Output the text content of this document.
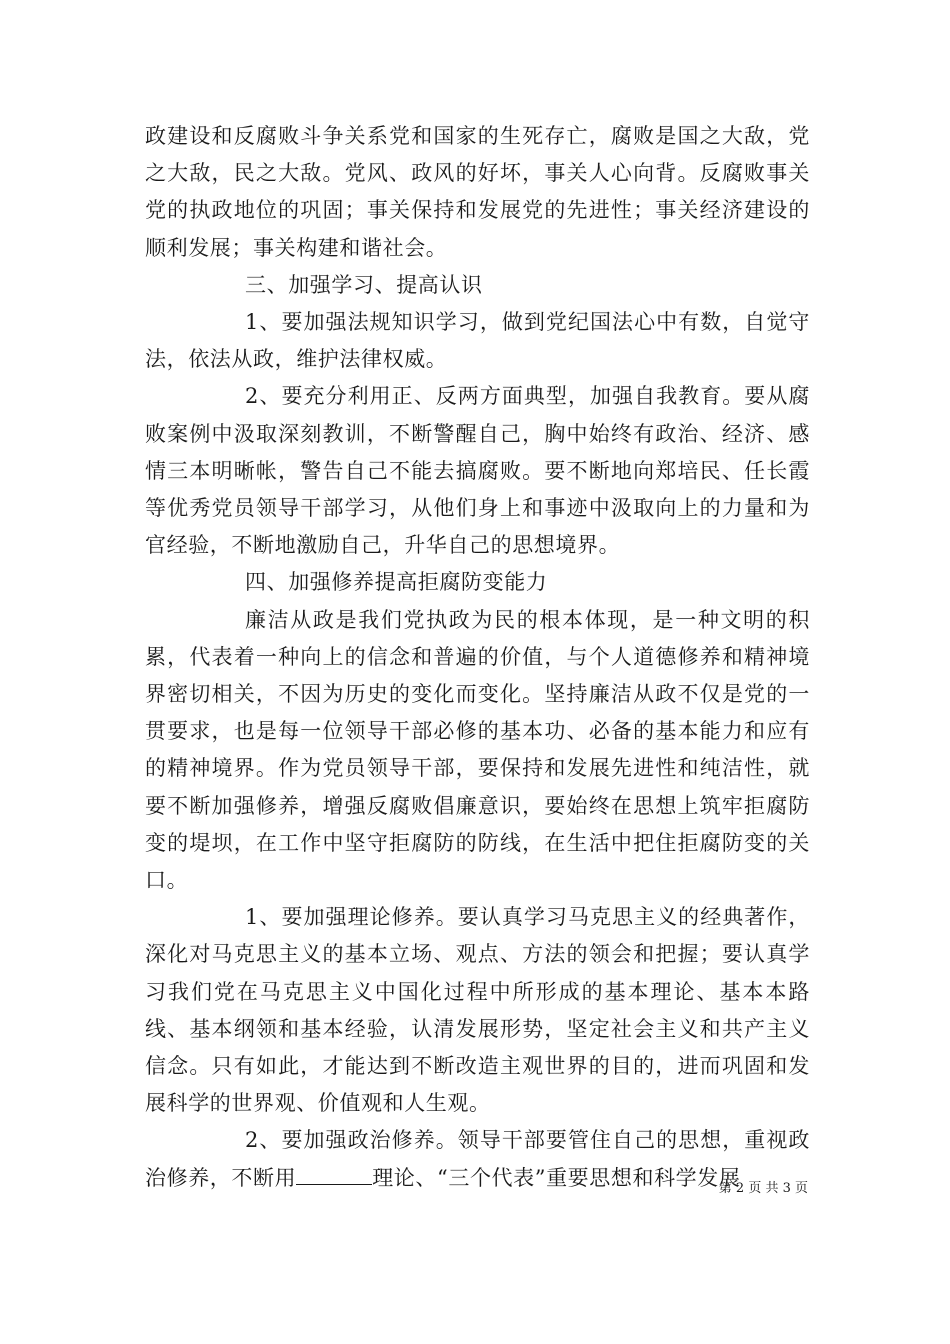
政建设和反腐败斗争关系党和国家的生死存亡，腐败是国之大敌，党之大敌，民之大敌。党风、政风的好坏，事关人心向背。反腐败事关党的执政地位的巩固；事关保持和发展党的先进性；事关经济建设的顺利发展；事关构建和谐社会。

三、加强学习、提高认识

1、要加强法规知识学习，做到党纪国法心中有数，自觉守法，依法从政，维护法律权威。

2、要充分利用正、反两方面典型，加强自我教育。要从腐败案例中汲取深刻教训，不断警醒自己，胸中始终有政治、经济、感情三本明晰帐，警告自己不能去搞腐败。要不断地向郑培民、任长霞等优秀党员领导干部学习，从他们身上和事迹中汲取向上的力量和为官经验，不断地激励自己，升华自己的思想境界。

四、加强修养提高拒腐防变能力

廉洁从政是我们党执政为民的根本体现，是一种文明的积累，代表着一种向上的信念和普遍的价值，与个人道德修养和精神境界密切相关，不因为历史的变化而变化。坚持廉洁从政不仅是党的一贯要求，也是每一位领导干部必修的基本功、必备的基本能力和应有的精神境界。作为党员领导干部，要保持和发展先进性和纯洁性，就要不断加强修养，增强反腐败倡廉意识，要始终在思想上筑牢拒腐防变的堤坝，在工作中坚守拒腐防的防线，在生活中把住拒腐防变的关口。

1、要加强理论修养。要认真学习马克思主义的经典著作，深化对马克思主义的基本立场、观点、方法的领会和把握；要认真学习我们党在马克思主义中国化过程中所形成的基本理论、基本本路线、基本纲领和基本经验，认清发展形势，坚定社会主义和共产主义信念。只有如此，才能达到不断改造主观世界的目的，进而巩固和发展科学的世界观、价值观和人生观。

2、要加强政治修养。领导干部要管住自己的思想，重视政治修养，不断用	理论、“三个代表”重要思想和科学发展

第 2 页 共 3 页
